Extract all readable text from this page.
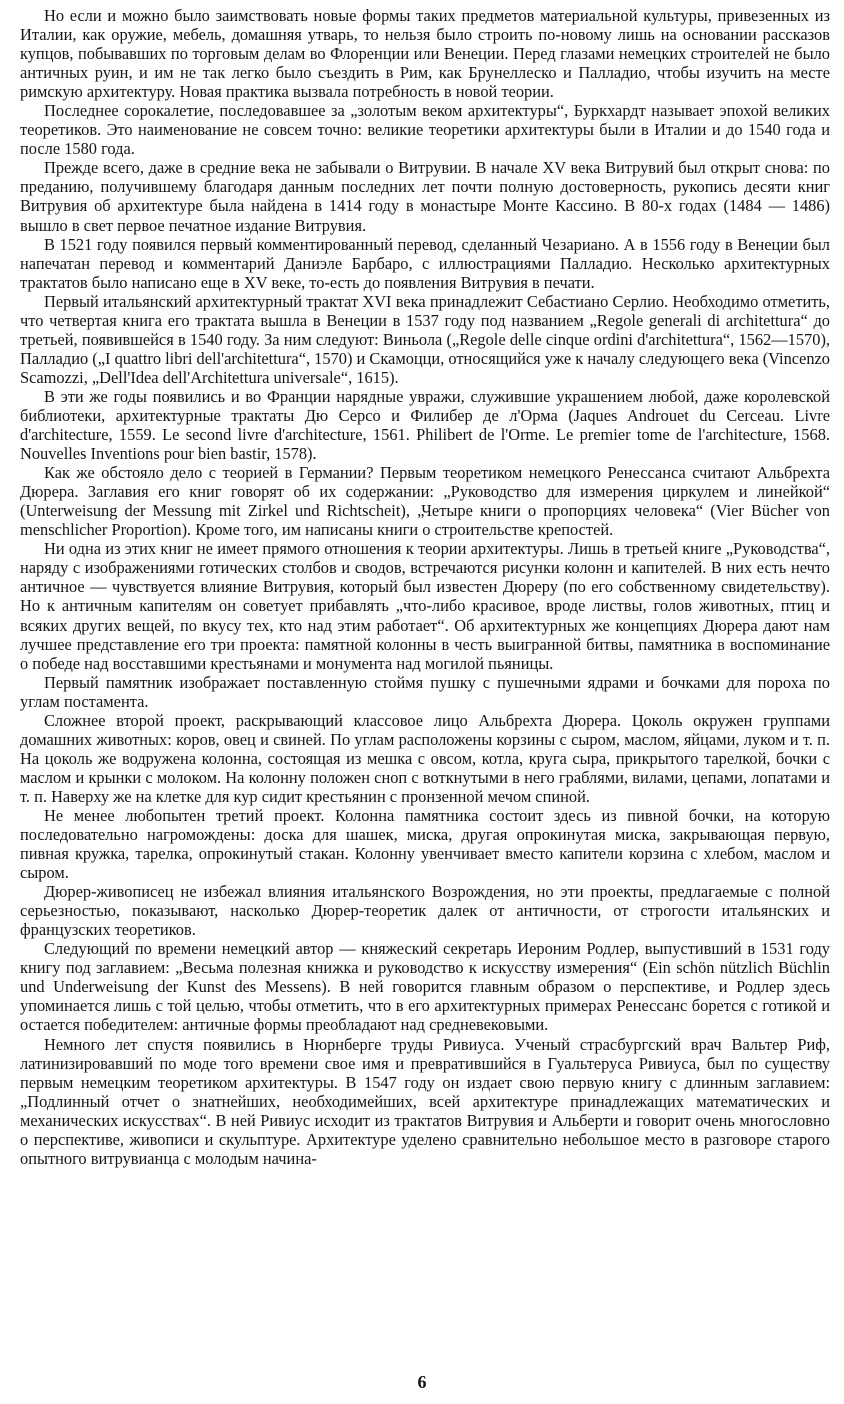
Но если и можно было заимствовать новые формы таких предметов материальной культуры, привезенных из Италии, как оружие, мебель, домашняя утварь, то нельзя было строить по-новому лишь на основании рассказов купцов, побывавших по торговым делам во Флоренции или Венеции. Перед глазами немецких строителей не было античных руин, и им не так легко было съездить в Рим, как Брунеллеско и Палладио, чтобы изучить на месте римскую архитектуру. Новая практика вызвала потребность в новой теории.

Последнее сорокалетие, последовавшее за „золотым веком архитектуры“, Буркхардт называет эпохой великих теоретиков. Это наименование не совсем точно: великие теоретики архитектуры были в Италии и до 1540 года и после 1580 года.

Прежде всего, даже в средние века не забывали о Витрувии. В начале XV века Витрувий был открыт снова: по преданию, получившему благодаря данным последних лет почти полную достоверность, рукопись десяти книг Витрувия об архитектуре была найдена в 1414 году в монастыре Монте Кассино. В 80-х годах (1484 — 1486) вышло в свет первое печатное издание Витрувия.

В 1521 году появился первый комментированный перевод, сделанный Чезариано. А в 1556 году в Венеции был напечатан перевод и комментарий Даниэле Барбаро, с иллюстрациями Палладио. Несколько архитектурных трактатов было написано еще в XV веке, то-есть до появления Витрувия в печати.

Первый итальянский архитектурный трактат XVI века принадлежит Себастиано Серлио. Необходимо отметить, что четвертая книга его трактата вышла в Венеции в 1537 году под названием „Regole generali di architettura“ до третьей, появившейся в 1540 году. За ним следуют: Виньола („Regole delle cinque ordini d'architettura“, 1562—1570), Палладио („I quattro libri dell'architettura“, 1570) и Скамоцци, относящийся уже к началу следующего века (Vincenzo Scamozzi, „Dell'Idea dell'Architettura universale“, 1615).

В эти же годы появились и во Франции нарядные увражи, служившие украшением любой, даже королевской библиотеки, архитектурные трактаты Дю Серсо и Филибер де л'Орма (Jaques Androuet du Cerceau. Livre d'architecture, 1559. Le second livre d'architecture, 1561. Philibert de l'Orme. Le premier tome de l'architecture, 1568. Nouvelles Inventions pour bien bastir, 1578).

Как же обстояло дело с теорией в Германии? Первым теоретиком немецкого Ренессанса считают Альбрехта Дюрера. Заглавия его книг говорят об их содержании: „Руководство для измерения циркулем и линейкой“ (Unterweisung der Messung mit Zirkel und Richtscheit), „Четыре книги о пропорциях человека“ (Vier Bücher von menschlicher Proportion). Кроме того, им написаны книги о строительстве крепостей.

Ни одна из этих книг не имеет прямого отношения к теории архитектуры. Лишь в третьей книге „Руководства“, наряду с изображениями готических столбов и сводов, встречаются рисунки колонн и капителей. В них есть нечто античное — чувствуется влияние Витрувия, который был известен Дюреру (по его собственному свидетельству). Но к античным капителям он советует прибавлять „что-либо красивое, вроде листвы, голов животных, птиц и всяких других вещей, по вкусу тех, кто над этим работает“. Об архитектурных же концепциях Дюрера дают нам лучшее представление его три проекта: памятной колонны в честь выигранной битвы, памятника в воспоминание о победе над восставшими крестьянами и монумента над могилой пьяницы.

Первый памятник изображает поставленную стоймя пушку с пушечными ядрами и бочками для пороха по углам постамента.

Сложнее второй проект, раскрывающий классовое лицо Альбрехта Дюрера. Цоколь окружен группами домашних животных: коров, овец и свиней. По углам расположены корзины с сыром, маслом, яйцами, луком и т. п. На цоколь же водружена колонна, состоящая из мешка с овсом, котла, круга сыра, прикрытого тарелкой, бочки с маслом и крынки с молоком. На колонну положен сноп с воткнутыми в него граблями, вилами, цепами, лопатами и т. п. Наверху же на клетке для кур сидит крестьянин с пронзенной мечом спиной.

Не менее любопытен третий проект. Колонна памятника состоит здесь из пивной бочки, на которую последовательно нагромождены: доска для шашек, миска, другая опрокинутая миска, закрывающая первую, пивная кружка, тарелка, опрокинутый стакан. Колонну увенчивает вместо капители корзина с хлебом, маслом и сыром.

Дюрер-живописец не избежал влияния итальянского Возрождения, но эти проекты, предлагаемые с полной серьезностью, показывают, насколько Дюрер-теоретик далек от античности, от строгости итальянских и французских теоретиков.

Следующий по времени немецкий автор — княжеский секретарь Иероним Родлер, выпустивший в 1531 году книгу под заглавием: „Весьма полезная книжка и руководство к искусству измерения“ (Ein schön nützlich Büchlin und Underweisung der Kunst des Messens). В ней говорится главным образом о перспективе, и Родлер здесь упоминается лишь с той целью, чтобы отметить, что в его архитектурных примерах Ренессанс борется с готикой и остается победителем: античные формы преобладают над средневековыми.

Немного лет спустя появились в Нюрнберге труды Ривиуса. Ученый страсбургский врач Вальтер Риф, латинизировавший по моде того времени свое имя и превратившийся в Гуальтеруса Ривиуса, был по существу первым немецким теоретиком архитектуры. В 1547 году он издает свою первую книгу с длинным заглавием: „Подлинный отчет о знатнейших, необходимейших, всей архитектуре принадлежащих математических и механических искусствах“. В ней Ривиус исходит из трактатов Витрувия и Альберти и говорит очень многословно о перспективе, живописи и скульптуре. Архитектуре уделено сравнительно небольшое место в разговоре старого опытного витрувианца с молодым начина-

6
